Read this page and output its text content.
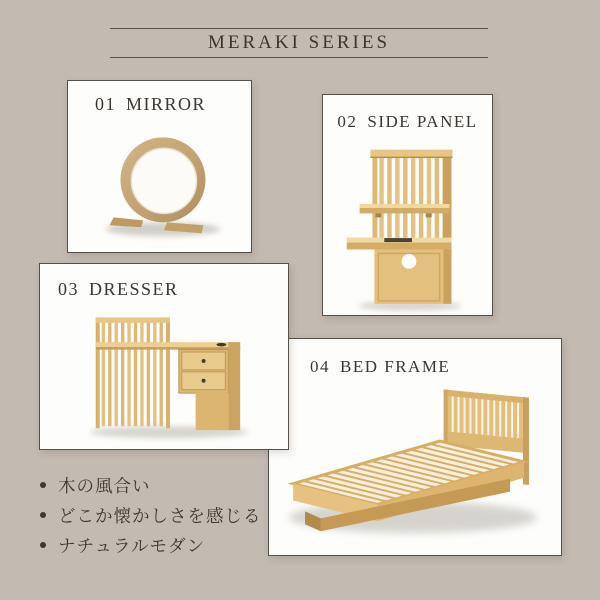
MERAKI SERIES
01 MIRROR
02 SIDE PANEL
03 DRESSER
04 BED FRAME
木の風合い
どこか懐かしさを感じる
ナチュラルモダン
